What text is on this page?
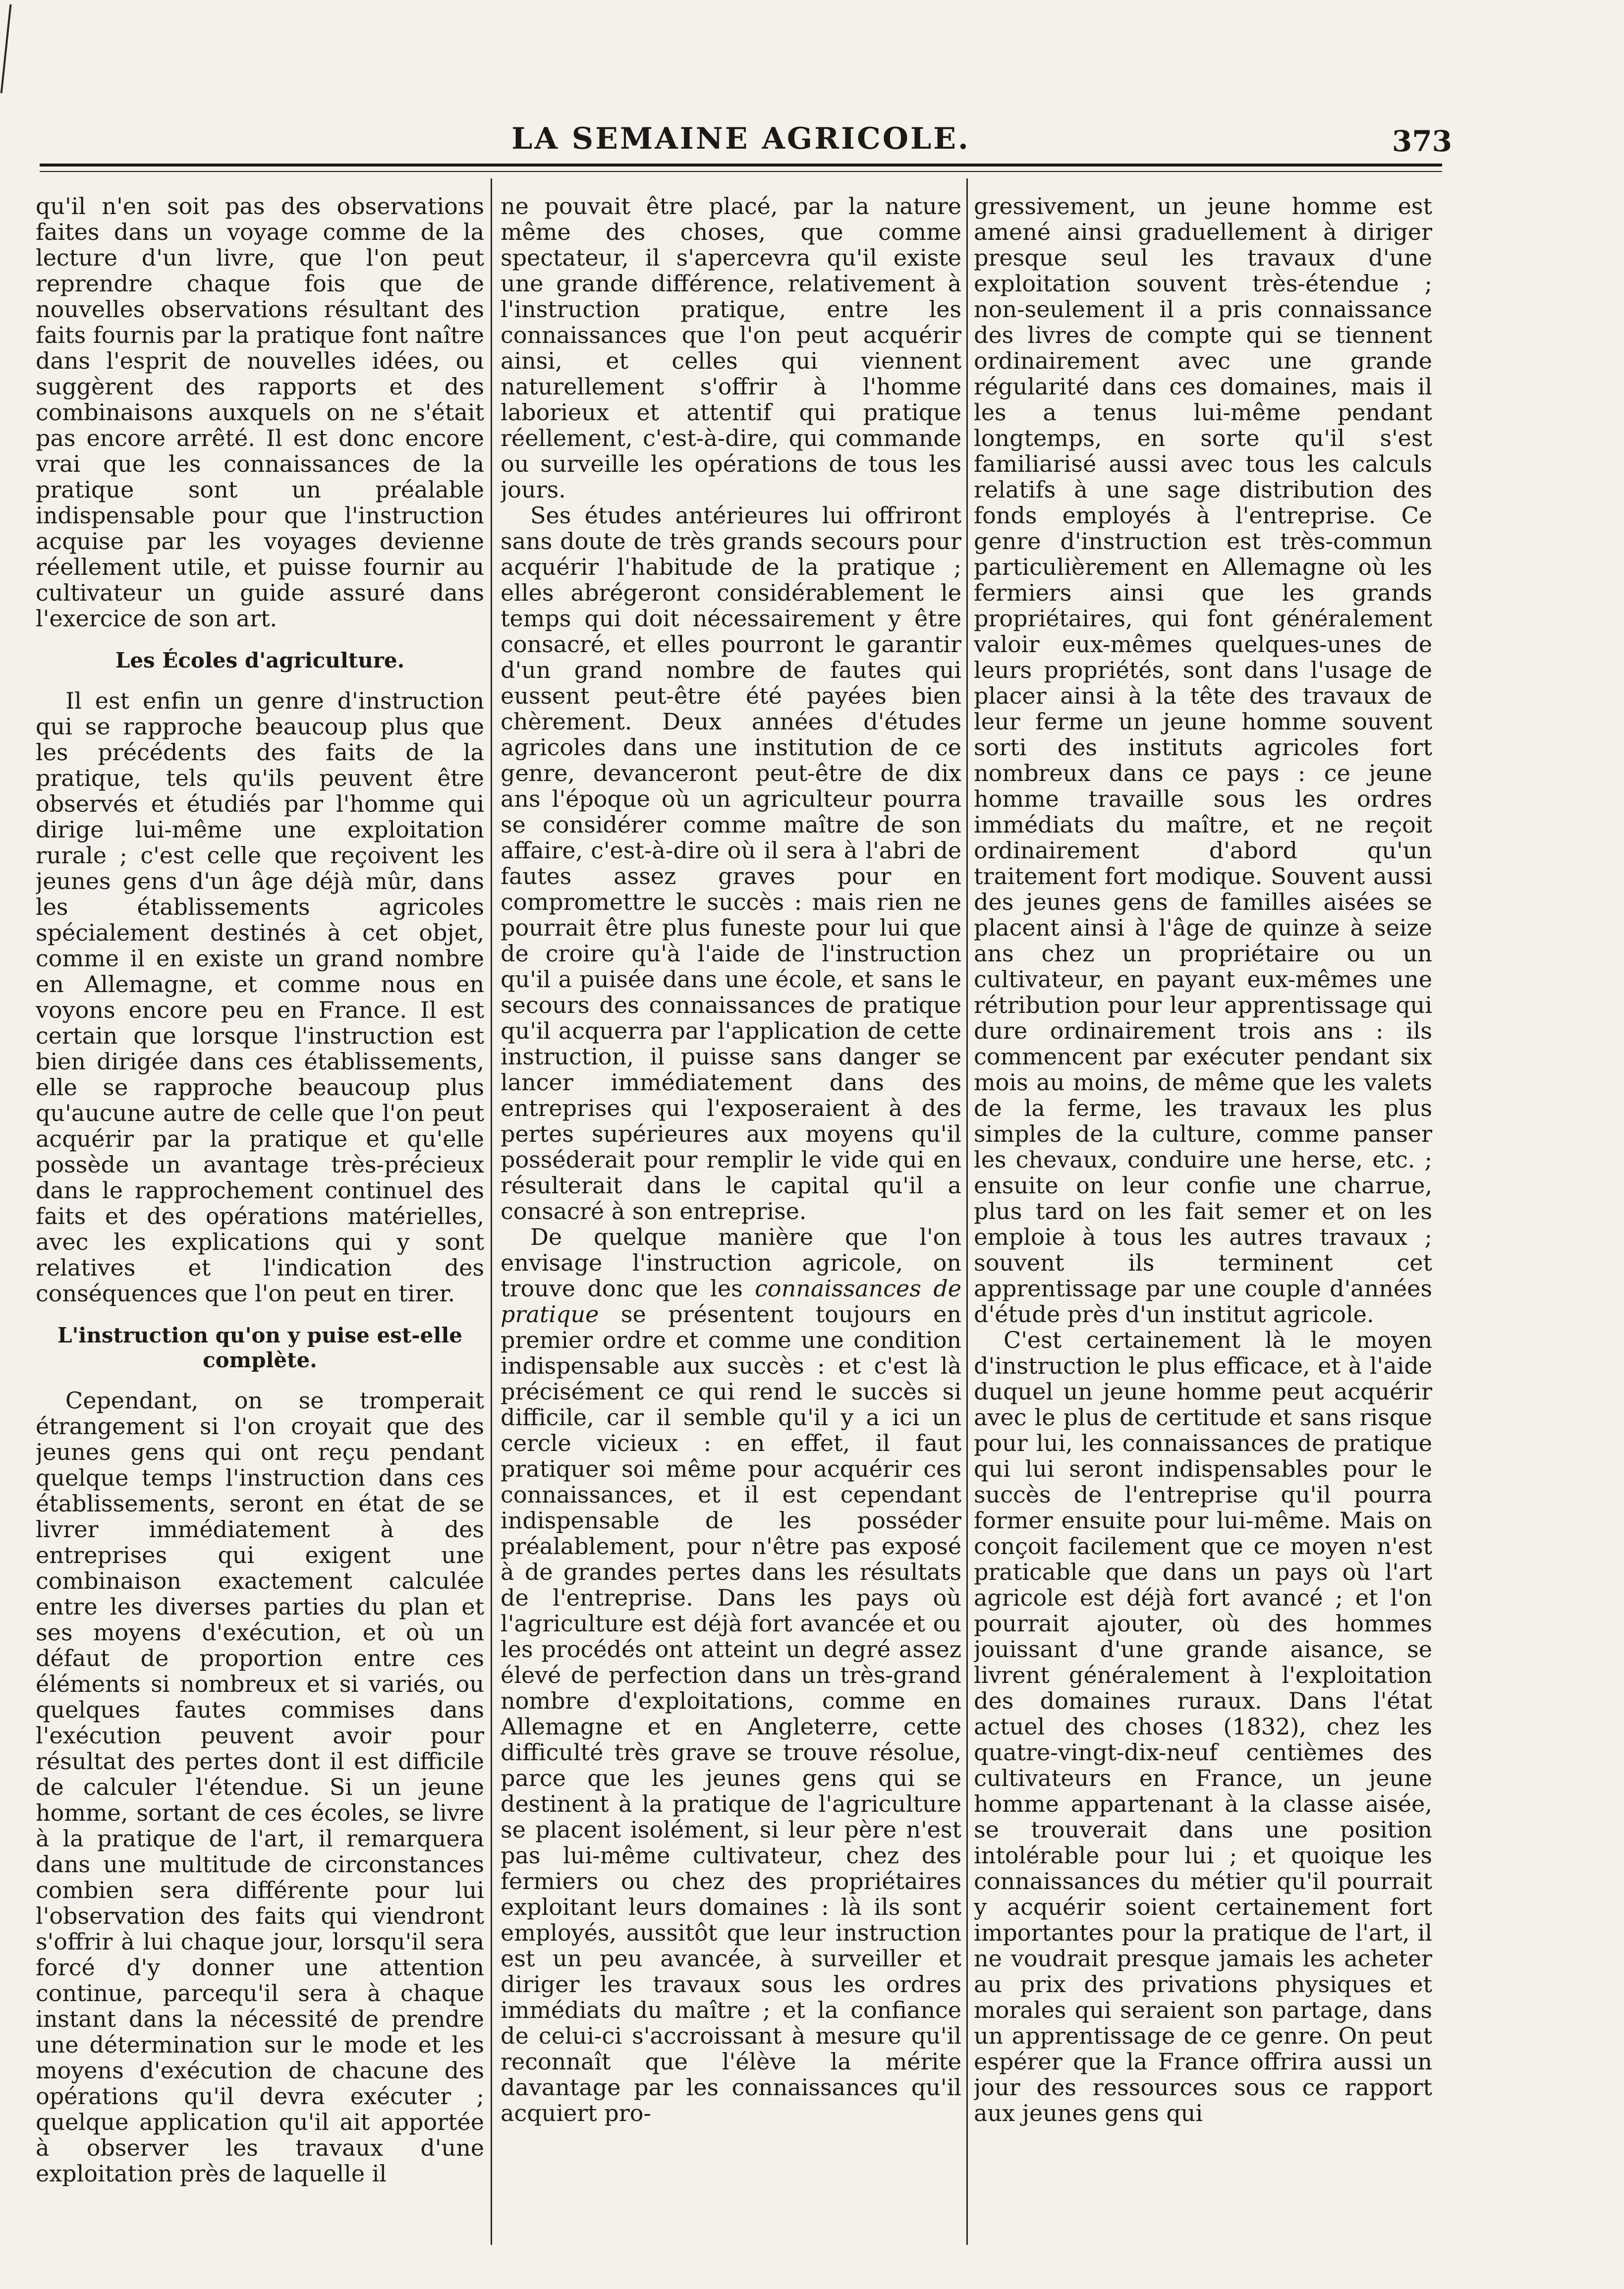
LA SEMAINE AGRICOLE.	373

qu'il n'en soit pas des observations faites dans un voyage comme de la lecture d'un livre, que l'on peut reprendre chaque fois que de nouvelles observations résultant des faits fournis par la pratique font naître dans l'esprit de nouvelles idées, ou suggèrent des rapports et des combinaisons auxquels on ne s'était pas encore arrêté. Il est donc encore vrai que les connaissances de la pratique sont un préalable indispensable pour que l'instruction acquise par les voyages devienne réellement utile, et puisse fournir au cultivateur un guide assuré dans l'exercice de son art.

Les Écoles d'agriculture.

Il est enfin un genre d'instruction qui se rapproche beaucoup plus que les précédents des faits de la pratique, tels qu'ils peuvent être observés et étudiés par l'homme qui dirige lui-même une exploitation rurale ; c'est celle que reçoivent les jeunes gens d'un âge déjà mûr, dans les établissements agricoles spécialement destinés à cet objet, comme il en existe un grand nombre en Allemagne, et comme nous en voyons encore peu en France. Il est certain que lorsque l'instruction est bien dirigée dans ces établissements, elle se rapproche beaucoup plus qu'aucune autre de celle que l'on peut acquérir par la pratique et qu'elle possède un avantage très-précieux dans le rapprochement continuel des faits et des opérations matérielles, avec les explications qui y sont relatives et l'indication des conséquences que l'on peut en tirer.

L'instruction qu'on y puise est-elle complète.

Cependant, on se tromperait étrangement si l'on croyait que des jeunes gens qui ont reçu pendant quelque temps l'instruction dans ces établissements, seront en état de se livrer immédiatement à des entreprises qui exigent une combinaison exactement calculée entre les diverses parties du plan et ses moyens d'exécution, et où un défaut de proportion entre ces éléments si nombreux et si variés, ou quelques fautes commises dans l'exécution peuvent avoir pour résultat des pertes dont il est difficile de calculer l'étendue. Si un jeune homme, sortant de ces écoles, se livre à la pratique de l'art, il remarquera dans une multitude de circonstances combien sera différente pour lui l'observation des faits qui viendront s'offrir à lui chaque jour, lorsqu'il sera forcé d'y donner une attention continue, parcequ'il sera à chaque instant dans la nécessité de prendre une détermination sur le mode et les moyens d'exécution de chacune des opérations qu'il devra exécuter ; quelque application qu'il ait apportée à observer les travaux d'une exploitation près de laquelle il

ne pouvait être placé, par la nature même des choses, que comme spectateur, il s'apercevra qu'il existe une grande différence, relativement à l'instruction pratique, entre les connaissances que l'on peut acquérir ainsi, et celles qui viennent naturellement s'offrir à l'homme laborieux et attentif qui pratique réellement, c'est-à-dire, qui commande ou surveille les opérations de tous les jours.

Ses études antérieures lui offriront sans doute de très grands secours pour acquérir l'habitude de la pratique ; elles abrégeront considérablement le temps qui doit nécessairement y être consacré, et elles pourront le garantir d'un grand nombre de fautes qui eussent peut-être été payées bien chèrement. Deux années d'études agricoles dans une institution de ce genre, devanceront peut-être de dix ans l'époque où un agriculteur pourra se considérer comme maître de son affaire, c'est-à-dire où il sera à l'abri de fautes assez graves pour en compromettre le succès : mais rien ne pourrait être plus funeste pour lui que de croire qu'à l'aide de l'instruction qu'il a puisée dans une école, et sans le secours des connaissances de pratique qu'il acquerra par l'application de cette instruction, il puisse sans danger se lancer immédiatement dans des entreprises qui l'exposeraient à des pertes supérieures aux moyens qu'il posséderait pour remplir le vide qui en résulterait dans le capital qu'il a consacré à son entreprise.

De quelque manière que l'on envisage l'instruction agricole, on trouve donc que les connaissances de pratique se présentent toujours en premier ordre et comme une condition indispensable aux succès : et c'est là précisément ce qui rend le succès si difficile, car il semble qu'il y a ici un cercle vicieux : en effet, il faut pratiquer soi même pour acquérir ces connaissances, et il est cependant indispensable de les posséder préalablement, pour n'être pas exposé à de grandes pertes dans les résultats de l'entreprise. Dans les pays où l'agriculture est déjà fort avancée et ou les procédés ont atteint un degré assez élevé de perfection dans un très-grand nombre d'exploitations, comme en Allemagne et en Angleterre, cette difficulté très grave se trouve résolue, parce que les jeunes gens qui se destinent à la pratique de l'agriculture se placent isolément, si leur père n'est pas lui-même cultivateur, chez des fermiers ou chez des propriétaires exploitant leurs domaines : là ils sont employés, aussitôt que leur instruction est un peu avancée, à surveiller et diriger les travaux sous les ordres immédiats du maître ; et la confiance de celui-ci s'accroissant à mesure qu'il reconnaît que l'élève la mérite davantage par les connaissances qu'il acquiert pro-

gressivement, un jeune homme est amené ainsi graduellement à diriger presque seul les travaux d'une exploitation souvent très-étendue ; non-seulement il a pris connaissance des livres de compte qui se tiennent ordinairement avec une grande régularité dans ces domaines, mais il les a tenus lui-même pendant longtemps, en sorte qu'il s'est familiarisé aussi avec tous les calculs relatifs à une sage distribution des fonds employés à l'entreprise. Ce genre d'instruction est très-commun particulièrement en Allemagne où les fermiers ainsi que les grands propriétaires, qui font généralement valoir eux-mêmes quelques-unes de leurs propriétés, sont dans l'usage de placer ainsi à la tête des travaux de leur ferme un jeune homme souvent sorti des instituts agricoles fort nombreux dans ce pays : ce jeune homme travaille sous les ordres immédiats du maître, et ne reçoit ordinairement d'abord qu'un traitement fort modique. Souvent aussi des jeunes gens de familles aisées se placent ainsi à l'âge de quinze à seize ans chez un propriétaire ou un cultivateur, en payant eux-mêmes une rétribution pour leur apprentissage qui dure ordinairement trois ans : ils commencent par exécuter pendant six mois au moins, de même que les valets de la ferme, les travaux les plus simples de la culture, comme panser les chevaux, conduire une herse, etc. ; ensuite on leur confie une charrue, plus tard on les fait semer et on les emploie à tous les autres travaux ; souvent ils terminent cet apprentissage par une couple d'années d'étude près d'un institut agricole.

C'est certainement là le moyen d'instruction le plus efficace, et à l'aide duquel un jeune homme peut acquérir avec le plus de certitude et sans risque pour lui, les connaissances de pratique qui lui seront indispensables pour le succès de l'entreprise qu'il pourra former ensuite pour lui-même. Mais on conçoit facilement que ce moyen n'est praticable que dans un pays où l'art agricole est déjà fort avancé ; et l'on pourrait ajouter, où des hommes jouissant d'une grande aisance, se livrent généralement à l'exploitation des domaines ruraux. Dans l'état actuel des choses (1832), chez les quatre-vingt-dix-neuf centièmes des cultivateurs en France, un jeune homme appartenant à la classe aisée, se trouverait dans une position intolérable pour lui ; et quoique les connaissances du métier qu'il pourrait y acquérir soient certainement fort importantes pour la pratique de l'art, il ne voudrait presque jamais les acheter au prix des privations physiques et morales qui seraient son partage, dans un apprentissage de ce genre. On peut espérer que la France offrira aussi un jour des ressources sous ce rapport aux jeunes gens qui
